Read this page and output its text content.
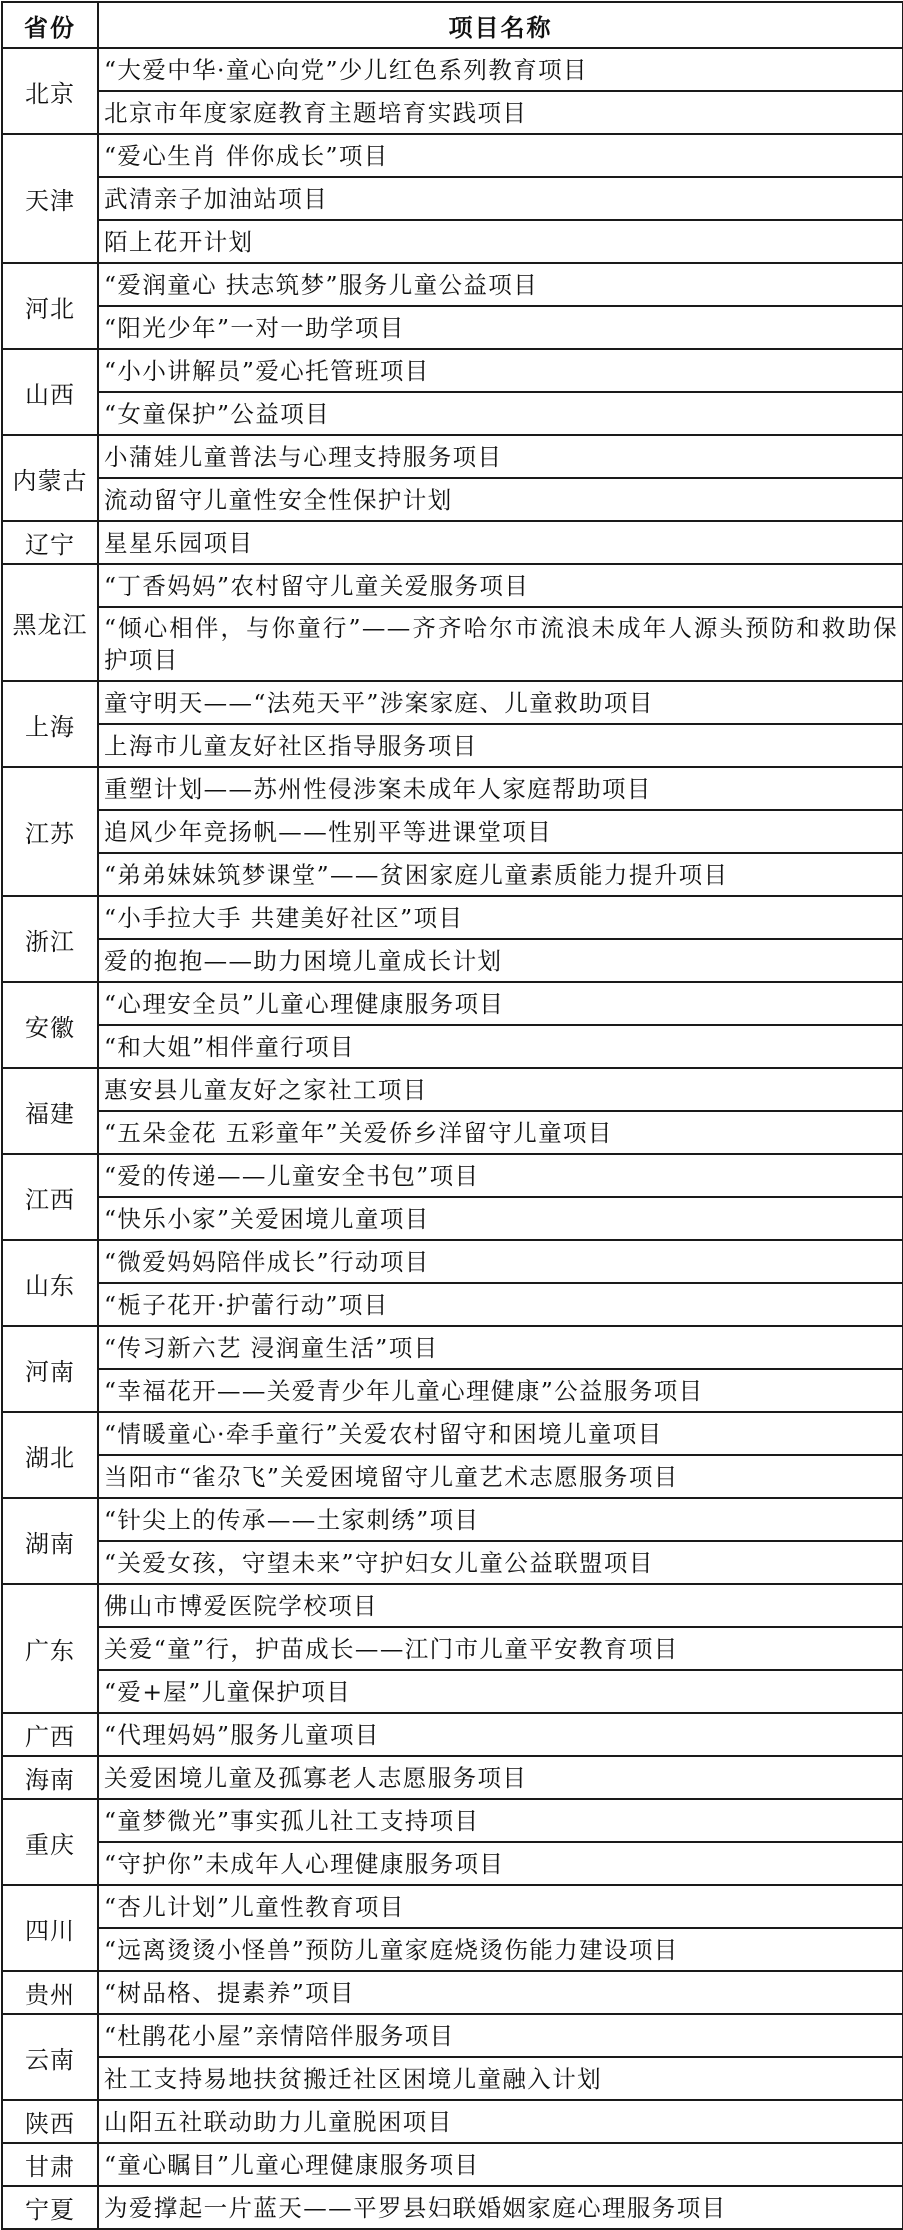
省份	项目名称
北京	“大爱中华·童心向党”少儿红色系列教育项目
	北京市年度家庭教育主题培育实践项目
天津	“爱心生肖 伴你成长”项目
	武清亲子加油站项目
	陌上花开计划
河北	“爱润童心 扶志筑梦”服务儿童公益项目
	“阳光少年”一对一助学项目
山西	“小小讲解员”爱心托管班项目
	“女童保护”公益项目
内蒙古	小蒲娃儿童普法与心理支持服务项目
	流动留守儿童性安全性保护计划
辽宁	星星乐园项目
黑龙江	“丁香妈妈”农村留守儿童关爱服务项目
	“倾心相伴，与你童行”——齐齐哈尔市流浪未成年人源头预防和救助保护项目
上海	童守明天——“法苑天平”涉案家庭、儿童救助项目
	上海市儿童友好社区指导服务项目
江苏	重塑计划——苏州性侵涉案未成年人家庭帮助项目
	追风少年竞扬帆——性别平等进课堂项目
	“弟弟妹妹筑梦课堂”——贫困家庭儿童素质能力提升项目
浙江	“小手拉大手 共建美好社区”项目
	爱的抱抱——助力困境儿童成长计划
安徽	“心理安全员”儿童心理健康服务项目
	“和大姐”相伴童行项目
福建	惠安县儿童友好之家社工项目
	“五朵金花 五彩童年”关爱侨乡洋留守儿童项目
江西	“爱的传递——儿童安全书包”项目
	“快乐小家”关爱困境儿童项目
山东	“微爱妈妈陪伴成长”行动项目
	“栀子花开·护蕾行动”项目
河南	“传习新六艺 浸润童生活”项目
	“幸福花开——关爱青少年儿童心理健康”公益服务项目
湖北	“情暖童心·牵手童行”关爱农村留守和困境儿童项目
	当阳市“雀尕飞”关爱困境留守儿童艺术志愿服务项目
湖南	“针尖上的传承——土家刺绣”项目
	“关爱女孩，守望未来”守护妇女儿童公益联盟项目
广东	佛山市博爱医院学校项目
	关爱“童”行，护苗成长——江门市儿童平安教育项目
	“爱+屋”儿童保护项目
广西	“代理妈妈”服务儿童项目
海南	关爱困境儿童及孤寡老人志愿服务项目
重庆	“童梦微光”事实孤儿社工支持项目
	“守护你”未成年人心理健康服务项目
四川	“杏儿计划”儿童性教育项目
	“远离烫烫小怪兽”预防儿童家庭烧烫伤能力建设项目
贵州	“树品格、提素养”项目
云南	“杜鹃花小屋”亲情陪伴服务项目
	社工支持易地扶贫搬迁社区困境儿童融入计划
陕西	山阳五社联动助力儿童脱困项目
甘肃	“童心瞩目”儿童心理健康服务项目
宁夏	为爱撑起一片蓝天——平罗县妇联婚姻家庭心理服务项目
